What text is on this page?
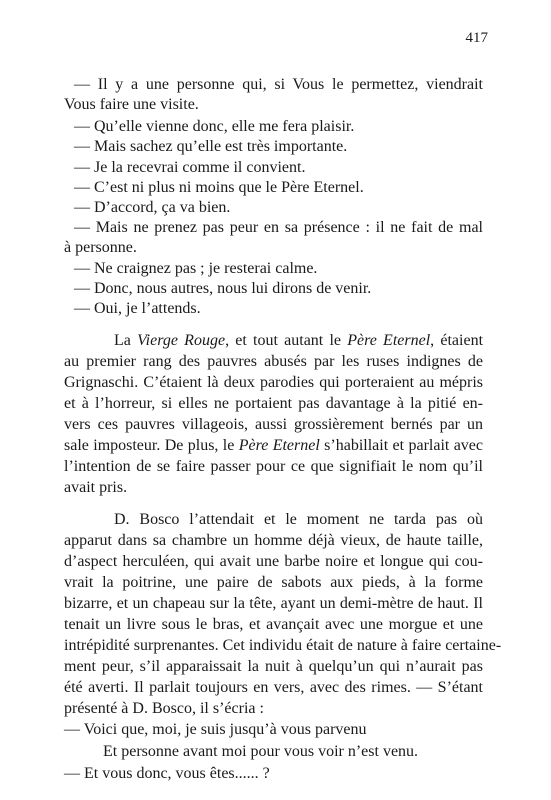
417
— Il y a une personne qui, si Vous le permettez, viendrait
Vous faire une visite.
— Qu’elle vienne donc, elle me fera plaisir.
— Mais sachez qu’elle est très importante.
— Je la recevrai comme il convient.
— C’est ni plus ni moins que le Père Eternel.
— D’accord, ça va bien.
— Mais ne prenez pas peur en sa présence : il ne fait de mal
à personne.
— Ne craignez pas ; je resterai calme.
— Donc, nous autres, nous lui dirons de venir.
— Oui, je l’attends.
La Vierge Rouge, et tout autant le Père Eternel, étaient
au premier rang des pauvres abusés par les ruses indignes de
Grignaschi. C’étaient là deux parodies qui porteraient au mépris
et à l’horreur, si elles ne portaient pas davantage à la pitié en-
vers ces pauvres villageois, aussi grossièrement bernés par un
sale imposteur. De plus, le Père Eternel s’habillait et parlait avec
l’intention de se faire passer pour ce que signifiait le nom qu’il
avait pris.
D. Bosco l’attendait et le moment ne tarda pas où
apparut dans sa chambre un homme déjà vieux, de haute taille,
d’aspect herculéen, qui avait une barbe noire et longue qui cou-
vrait la poitrine, une paire de sabots aux pieds, à la forme
bizarre, et un chapeau sur la tête, ayant un demi-mètre de haut. Il
tenait un livre sous le bras, et avançait avec une morgue et une
intrépidité surprenantes. Cet individu était de nature à faire certaine-
ment peur, s’il apparaissait la nuit à quelqu’un qui n’aurait pas
été averti. Il parlait toujours en vers, avec des rimes. — S’étant
présenté à D. Bosco, il s’écria :
— Voici que, moi, je suis jusqu’à vous parvenu
Et personne avant moi pour vous voir n’est venu.
— Et vous donc, vous êtes...... ?
